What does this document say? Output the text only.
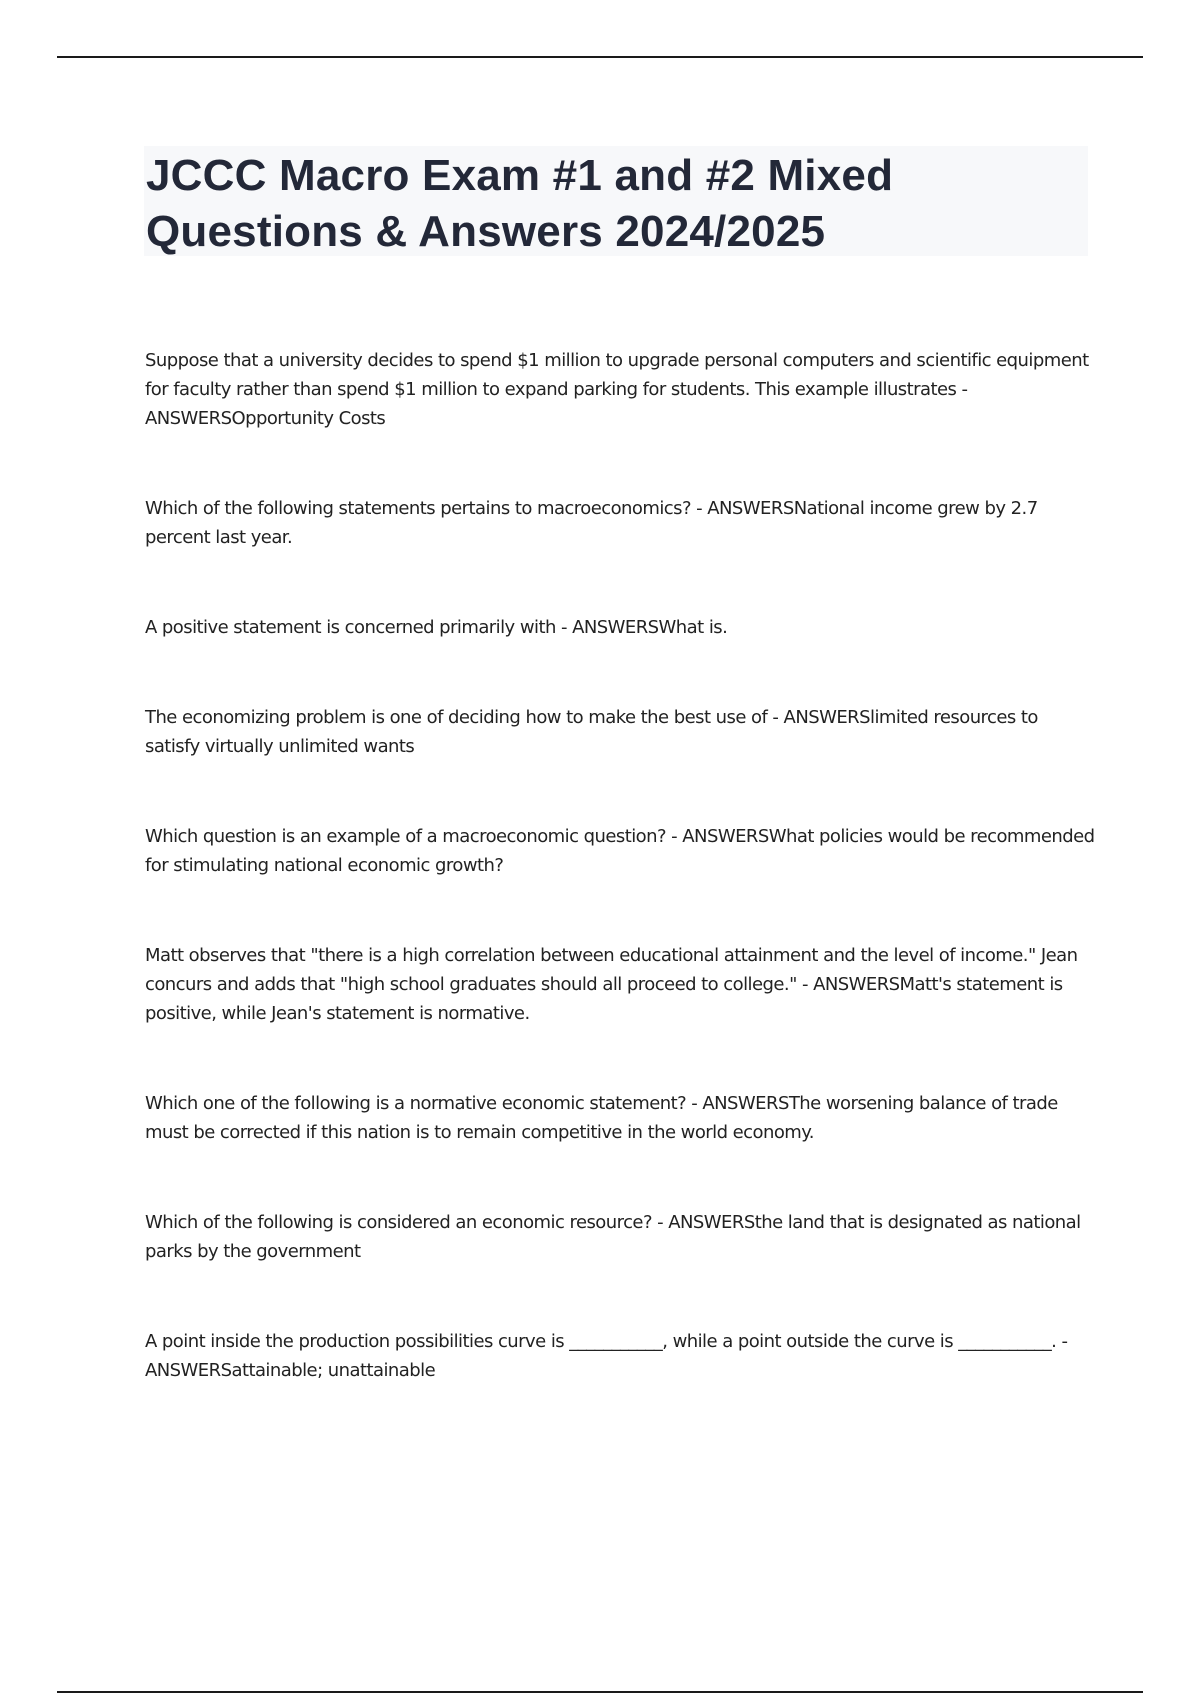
JCCC Macro Exam #1 and #2 Mixed Questions & Answers 2024/2025

Suppose that a university decides to spend $1 million to upgrade personal computers and scientific equipment for faculty rather than spend $1 million to expand parking for students. This example illustrates - ANSWERSOpportunity Costs

Which of the following statements pertains to macroeconomics? - ANSWERSNational income grew by 2.7 percent last year.

A positive statement is concerned primarily with - ANSWERSWhat is.

The economizing problem is one of deciding how to make the best use of - ANSWERSlimited resources to satisfy virtually unlimited wants

Which question is an example of a macroeconomic question? - ANSWERSWhat policies would be recommended for stimulating national economic growth?

Matt observes that "there is a high correlation between educational attainment and the level of income." Jean concurs and adds that "high school graduates should all proceed to college." - ANSWERSMatt's statement is positive, while Jean's statement is normative.

Which one of the following is a normative economic statement? - ANSWERSThe worsening balance of trade must be corrected if this nation is to remain competitive in the world economy.

Which of the following is considered an economic resource? - ANSWERSthe land that is designated as national parks by the government

A point inside the production possibilities curve is ___________, while a point outside the curve is ___________. - ANSWERSattainable; unattainable
